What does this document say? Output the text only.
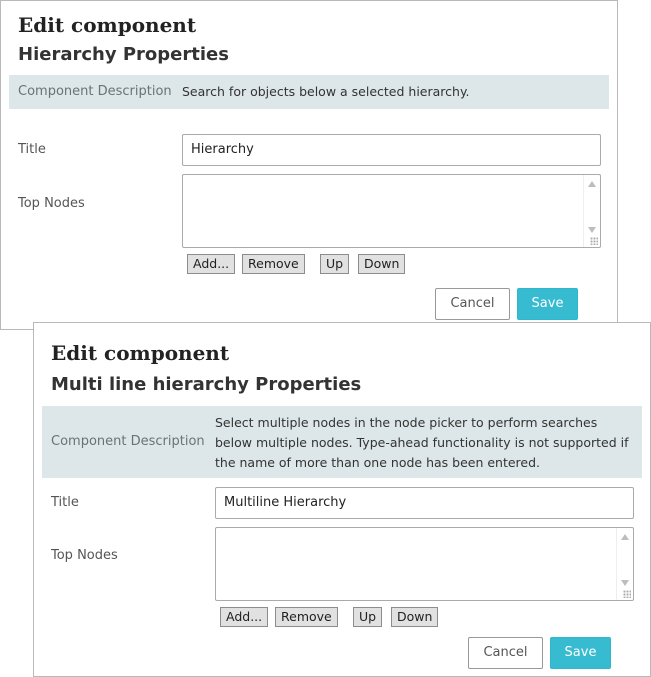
Edit component
Hierarchy Properties
Component Description Search for objects below a selected hierarchy.
Title	Hierarchy
Top Nodes
Add...	Remove	Up	Down
Cancel	Save
Edit component
Multi line hierarchy Properties
Component Description
Select multiple nodes in the node picker to perform searches below multiple nodes. Type-ahead functionality is not supported if the name of more than one node has been entered.
Title	Multiline Hierarchy
Top Nodes
Add...	Remove	Up	Down
Cancel	Save
